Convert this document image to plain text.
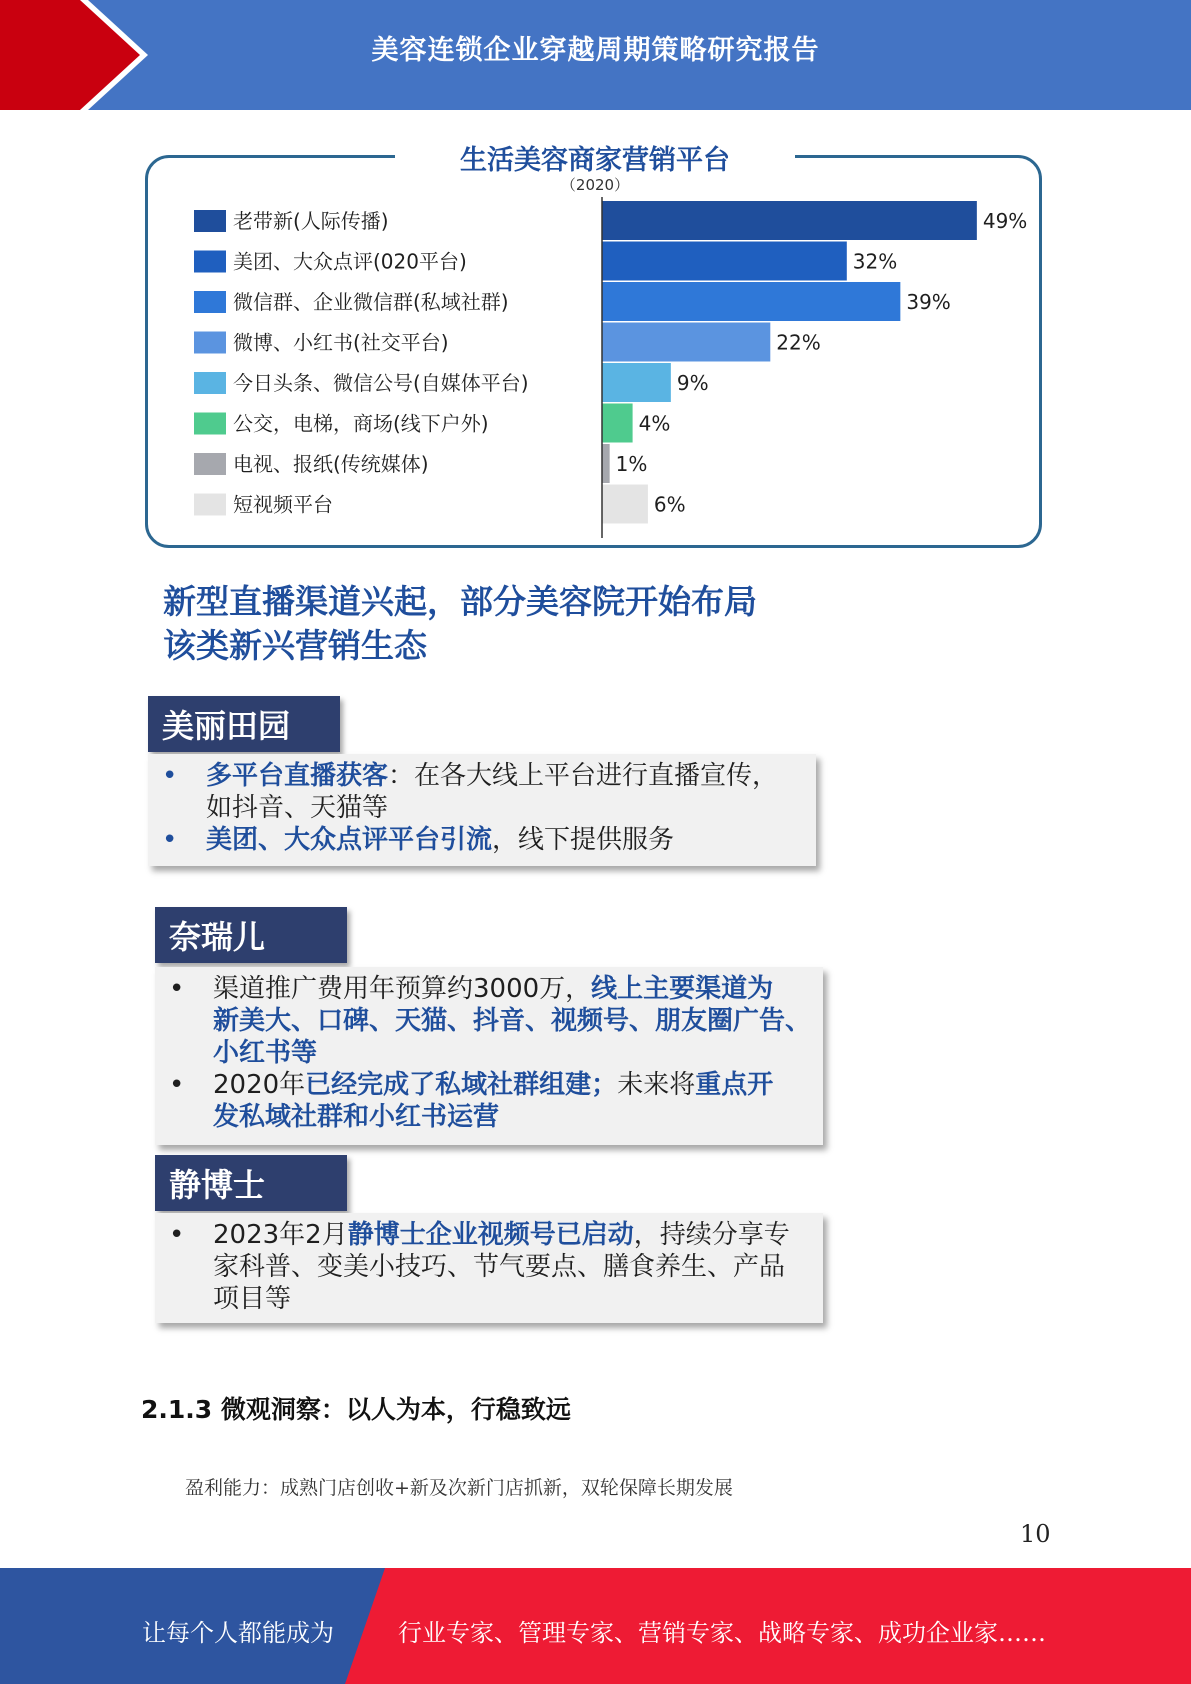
美容连锁企业穿越周期策略研究报告
生活美容商家营销平台
（2020）
老带新(人际传播)	49%
美团、大众点评(020平台)	32%
微信群、企业微信群(私域社群)	39%
微博、小红书(社交平台)	22%
今日头条、微信公号(自媒体平台)	9%
公交，电梯，商场(线下户外)	4%
电视、报纸(传统媒体)	1%
短视频平台	6%
新型直播渠道兴起，部分美容院开始布局
该类新兴营销生态
美丽田园
• 多平台直播获客：在各大线上平台进行直播宣传，
如抖音、天猫等
• 美团、大众点评平台引流，线下提供服务
奈瑞儿
• 渠道推广费用年预算约3000万，线上主要渠道为
新美大、口碑、天猫、抖音、视频号、朋友圈广告、
小红书等
• 2020年已经完成了私域社群组建；未来将重点开
发私域社群和小红书运营
静博士
• 2023年2月静博士企业视频号已启动，持续分享专
家科普、变美小技巧、节气要点、膳食养生、产品
项目等
2.1.3 微观洞察：以人为本，行稳致远
盈利能力：成熟门店创收+新及次新门店抓新，双轮保障长期发展
10
让每个人都能成为	行业专家、管理专家、营销专家、战略专家、成功企业家……
